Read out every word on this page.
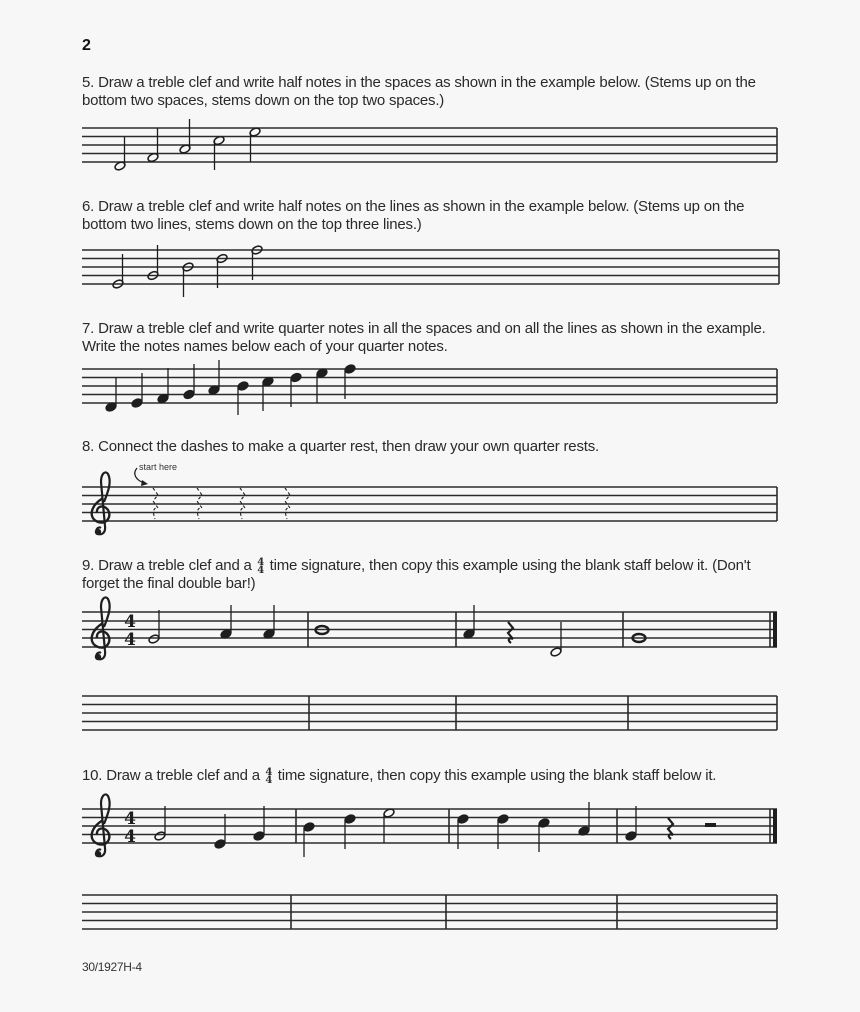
2
5. Draw a treble clef and write half notes in the spaces as shown in the example below. (Stems up on the bottom two spaces, stems down on the top two spaces.)
6. Draw a treble clef and write half notes on the lines as shown in the example below. (Stems up on the bottom two lines, stems down on the top three lines.)
7. Draw a treble clef and write quarter notes in all the spaces and on all the lines as shown in the example. Write the notes names below each of your quarter notes.
8. Connect the dashes to make a quarter rest, then draw your own quarter rests.
start here
9. Draw a treble clef and a 4
4 time signature, then copy this example using the blank staff below it. (Don't forget the final double bar!)
10. Draw a treble clef and a 4
4 time signature, then copy this example using the blank staff below it.
30/1927H-4
4
4
4
4
